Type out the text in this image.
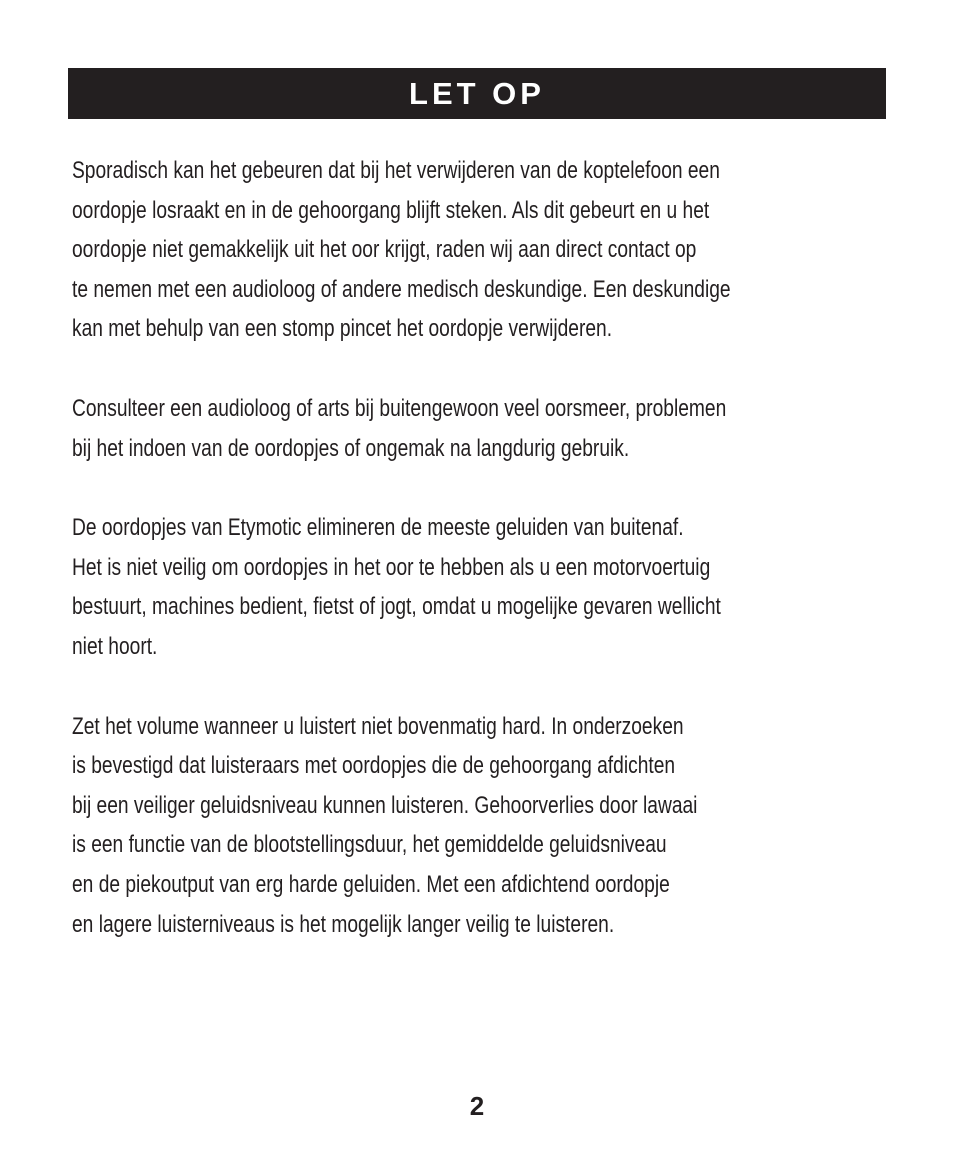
LET OP
Sporadisch kan het gebeuren dat bij het verwijderen van de koptelefoon een
oordopje losraakt en in de gehoorgang blijft steken. Als dit gebeurt en u het
oordopje niet gemakkelijk uit het oor krijgt, raden wij aan direct contact op
te nemen met een audioloog of andere medisch deskundige. Een deskundige
kan met behulp van een stomp pincet het oordopje verwijderen.
Consulteer een audioloog of arts bij buitengewoon veel oorsmeer, problemen
bij het indoen van de oordopjes of ongemak na langdurig gebruik.
De oordopjes van Etymotic elimineren de meeste geluiden van buitenaf.
Het is niet veilig om oordopjes in het oor te hebben als u een motorvoertuig
bestuurt, machines bedient, fietst of jogt, omdat u mogelijke gevaren wellicht
niet hoort.
Zet het volume wanneer u luistert niet bovenmatig hard. In onderzoeken
is bevestigd dat luisteraars met oordopjes die de gehoorgang afdichten
bij een veiliger geluidsniveau kunnen luisteren. Gehoorverlies door lawaai
is een functie van de blootstellingsduur, het gemiddelde geluidsniveau
en de piekoutput van erg harde geluiden. Met een afdichtend oordopje
en lagere luisterniveaus is het mogelijk langer veilig te luisteren.
2
